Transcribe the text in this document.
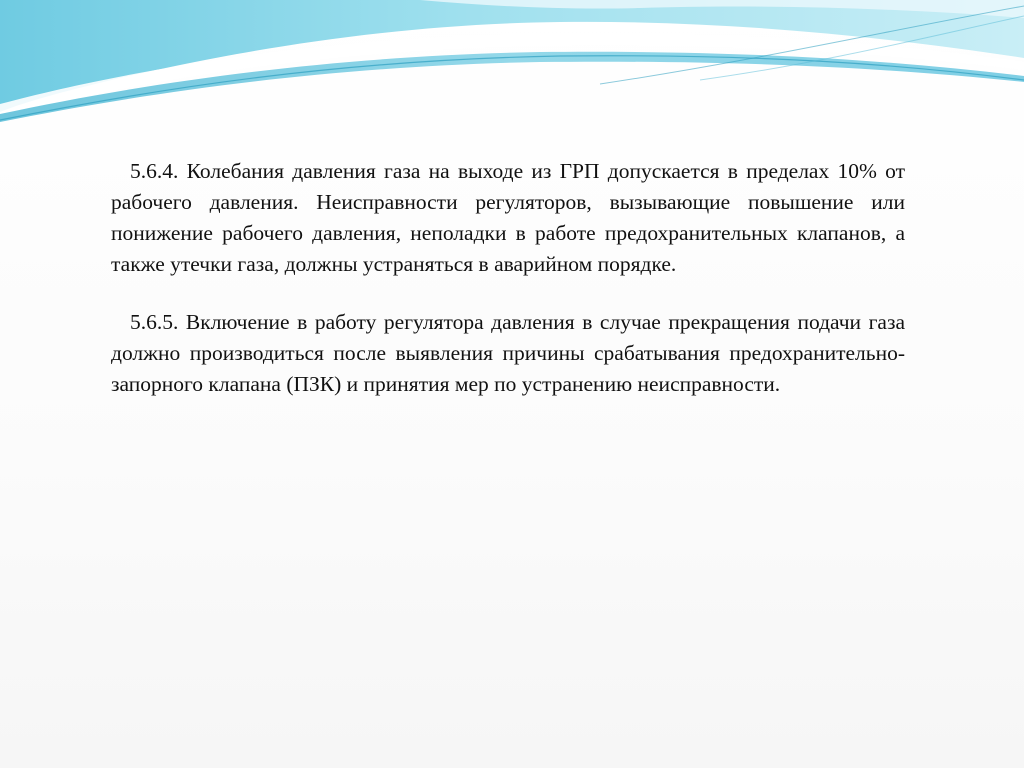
5.6.4. Колебания давления газа на выходе из ГРП допускается в пределах 10% от рабочего давления. Неисправности регуляторов, вызывающие повышение или понижение рабочего давления, неполадки в работе предохранительных клапанов, а также утечки газа, должны устраняться в аварийном порядке.

5.6.5. Включение в работу регулятора давления в случае прекращения подачи газа должно производиться после выявления причины срабатывания предохранительно-запорного клапана (ПЗК) и принятия мер по устранению неисправности.
